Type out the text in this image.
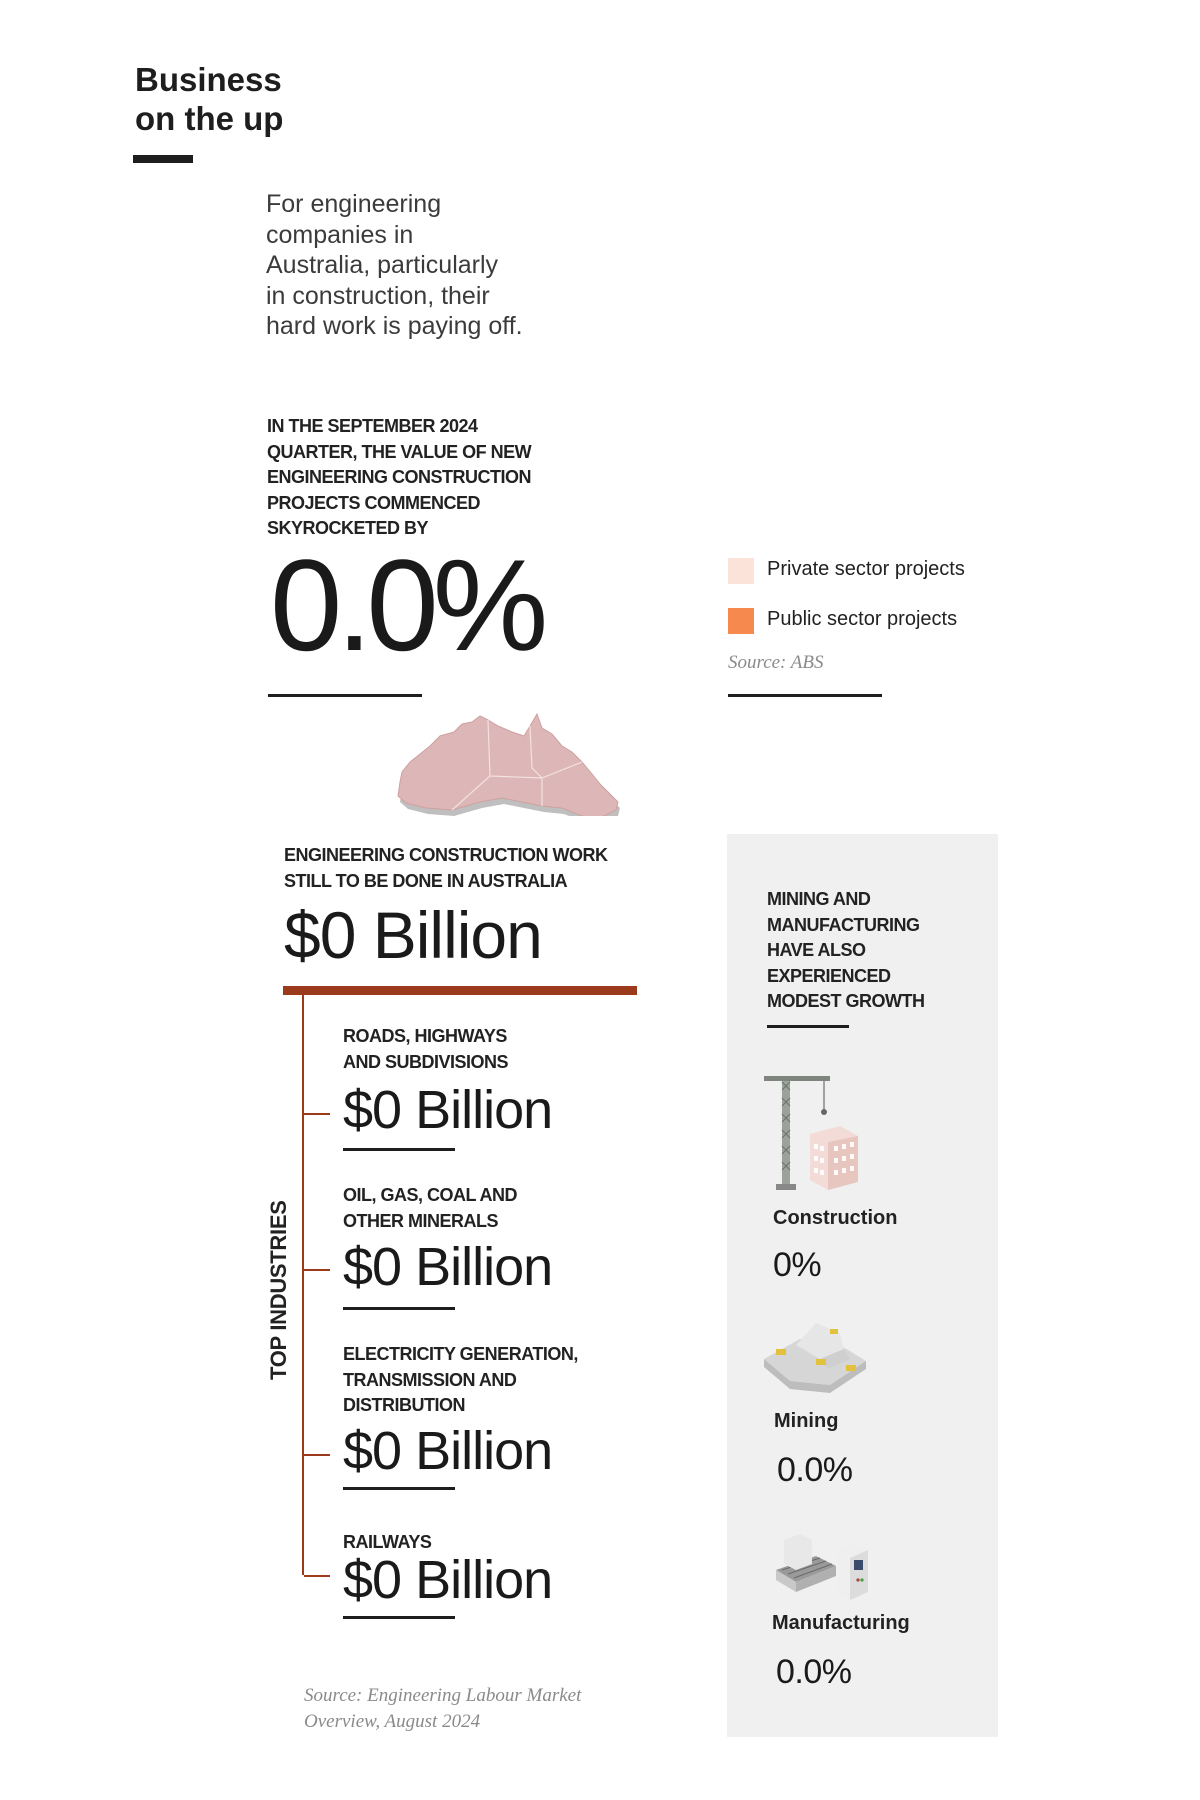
Business
on the up
For engineering
companies in
Australia, particularly
in construction, their
hard work is paying off.
IN THE SEPTEMBER 2024
QUARTER, THE VALUE OF NEW
ENGINEERING CONSTRUCTION
PROJECTS COMMENCED
SKYROCKETED BY
0.0%	Private sector projects
Public sector projects
Source: ABS
ENGINEERING CONSTRUCTION WORK
STILL TO BE DONE IN AUSTRALIA
$0 Billion
TOP INDUSTRIES
ROADS, HIGHWAYS
AND SUBDIVISIONS
$0 Billion
OIL, GAS, COAL AND
OTHER MINERALS
$0 Billion
ELECTRICITY GENERATION,
TRANSMISSION AND
DISTRIBUTION
$0 Billion
RAILWAYS
$0 Billion
Source: Engineering Labour Market
Overview, August 2024
MINING AND
MANUFACTURING
HAVE ALSO
EXPERIENCED
MODEST GROWTH
Construction
0%
Mining
0.0%
Manufacturing
0.0%
